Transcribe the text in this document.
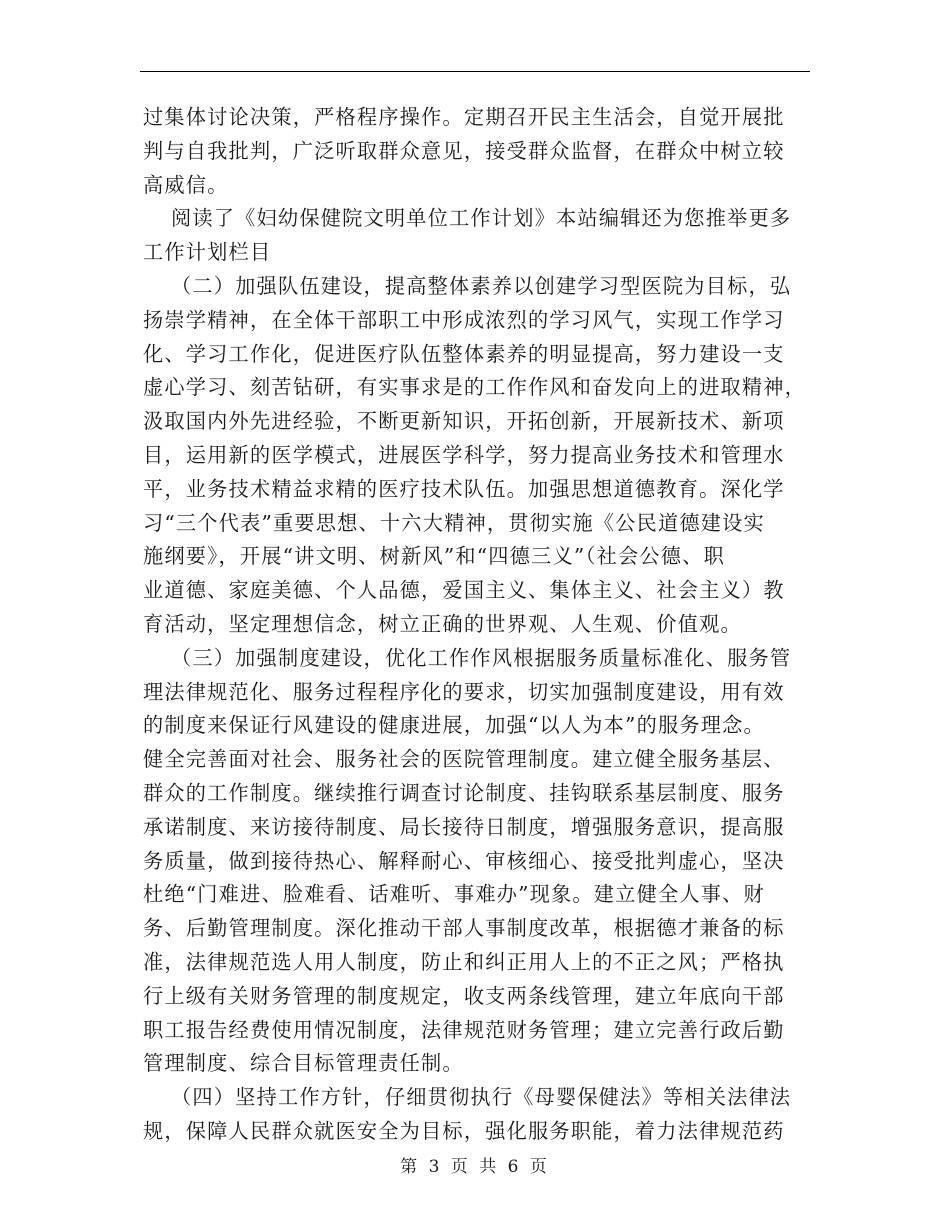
过集体讨论决策，严格程序操作。定期召开民主生活会，自觉开展批
判与自我批判，广泛听取群众意见，接受群众监督，在群众中树立较
高威信。

阅读了《妇幼保健院文明单位工作计划》本站编辑还为您推举更多
工作计划栏目

（二）加强队伍建设，提高整体素养以创建学习型医院为目标，弘
扬崇学精神，在全体干部职工中形成浓烈的学习风气，实现工作学习
化、学习工作化，促进医疗队伍整体素养的明显提高，努力建设一支
虚心学习、刻苦钻研，有实事求是的工作作风和奋发向上的进取精神，
汲取国内外先进经验，不断更新知识，开拓创新，开展新技术、新项
目，运用新的医学模式，进展医学科学，努力提高业务技术和管理水
平，业务技术精益求精的医疗技术队伍。加强思想道德教育。深化学
习“三个代表”重要思想、十六大精神，贯彻实施《公民道德建设实
施纲要》，开展“讲文明、树新风”和“四德三义”（社会公德、职
业道德、家庭美德、个人品德，爱国主义、集体主义、社会主义）教
育活动，坚定理想信念，树立正确的世界观、人生观、价值观。

（三）加强制度建设，优化工作作风根据服务质量标准化、服务管
理法律规范化、服务过程程序化的要求，切实加强制度建设，用有效
的制度来保证行风建设的健康进展，加强“以人为本”的服务理念。
健全完善面对社会、服务社会的医院管理制度。建立健全服务基层、
群众的工作制度。继续推行调查讨论制度、挂钩联系基层制度、服务
承诺制度、来访接待制度、局长接待日制度，增强服务意识，提高服
务质量，做到接待热心、解释耐心、审核细心、接受批判虚心，坚决
杜绝“门难进、脸难看、话难听、事难办”现象。建立健全人事、财
务、后勤管理制度。深化推动干部人事制度改革，根据德才兼备的标
准，法律规范选人用人制度，防止和纠正用人上的不正之风；严格执
行上级有关财务管理的制度规定，收支两条线管理，建立年底向干部
职工报告经费使用情况制度，法律规范财务管理；建立完善行政后勤
管理制度、综合目标管理责任制。

（四）坚持工作方针，仔细贯彻执行《母婴保健法》等相关法律法
规，保障人民群众就医安全为目标，强化服务职能，着力法律规范药

第 3 页 共 6 页
